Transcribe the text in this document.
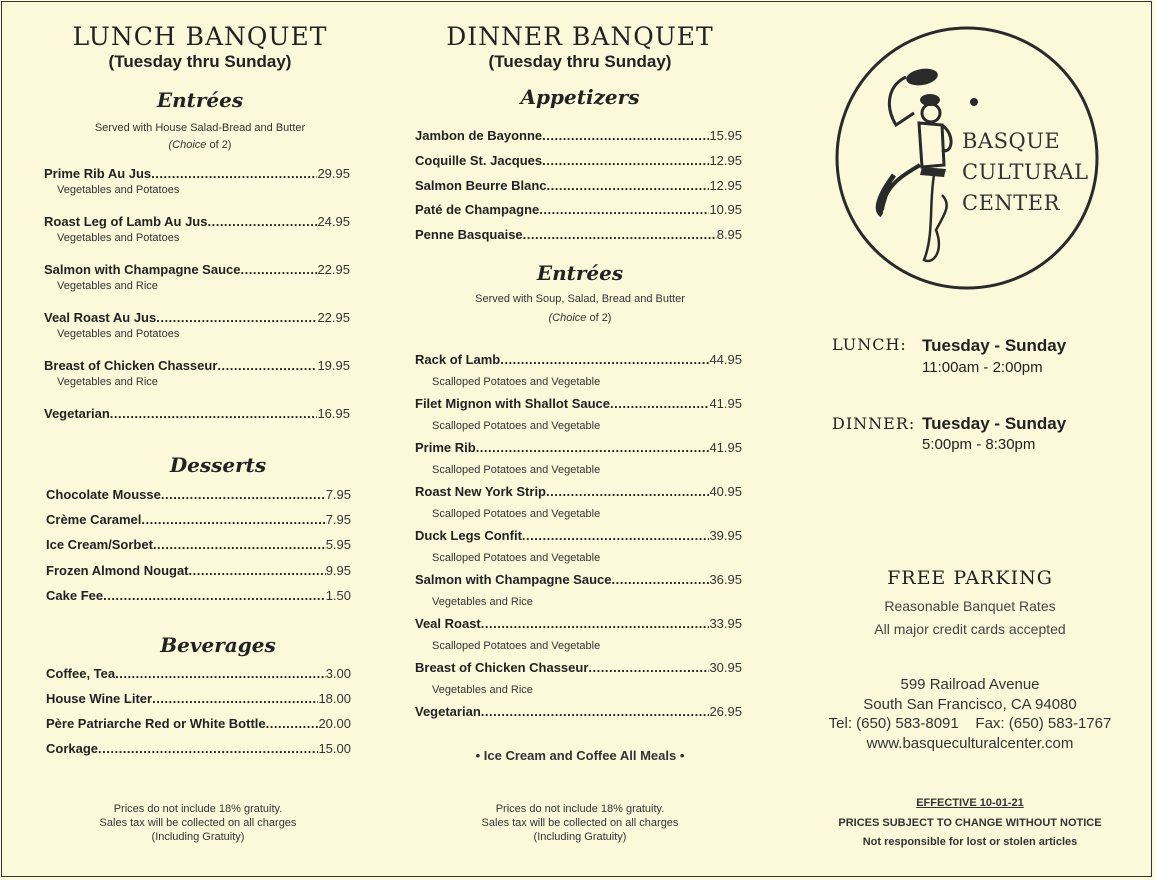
LUNCH BANQUET
(Tuesday thru Sunday)
Entrées
Served with House Salad-Bread and Butter
(Choice of 2)
Prime Rib Au Jus .....	29.95
Vegetables and Potatoes
Roast Leg of Lamb Au Jus .....	24.95
Vegetables and Potatoes
Salmon with Champagne Sauce .....	22.95
Vegetables and Rice
Veal Roast Au Jus .....	22.95
Vegetables and Potatoes
Breast of Chicken Chasseur .....	19.95
Vegetables and Rice
Vegetarian .....	16.95
Desserts
Chocolate Mousse .....	7.95
Crème Caramel .....	7.95
Ice Cream/Sorbet .....	5.95
Frozen Almond Nougat .....	9.95
Cake Fee .....	1.50
Beverages
Coffee, Tea .....	3.00
House Wine Liter .....	18.00
Père Patriarche Red or White Bottle .....	20.00
Corkage .....	15.00
Prices do not include 18% gratuity.
Sales tax will be collected on all charges
(Including Gratuity)
DINNER BANQUET
(Tuesday thru Sunday)
Appetizers
Jambon de Bayonne .....	15.95
Coquille St. Jacques .....	12.95
Salmon Beurre Blanc .....	12.95
Paté de Champagne .....	10.95
Penne Basquaise .....	8.95
Entrées
Served with Soup, Salad, Bread and Butter
(Choice of 2)
Rack of Lamb .....	44.95
Scalloped Potatoes and Vegetable
Filet Mignon with Shallot Sauce .....	41.95
Scalloped Potatoes and Vegetable
Prime Rib .....	41.95
Scalloped Potatoes and Vegetable
Roast New York Strip .....	40.95
Scalloped Potatoes and Vegetable
Duck Legs Confit .....	39.95
Scalloped Potatoes and Vegetable
Salmon with Champagne Sauce .....	36.95
Vegetables and Rice
Veal Roast .....	33.95
Scalloped Potatoes and Vegetable
Breast of Chicken Chasseur .....	30.95
Vegetables and Rice
Vegetarian .....	26.95
• Ice Cream and Coffee All Meals •
Prices do not include 18% gratuity.
Sales tax will be collected on all charges
(Including Gratuity)
BASQUE
CULTURAL
CENTER
LUNCH: Tuesday - Sunday
11:00am - 2:00pm
DINNER: Tuesday - Sunday
5:00pm - 8:30pm
FREE PARKING
Reasonable Banquet Rates
All major credit cards accepted
599 Railroad Avenue
South San Francisco, CA 94080
Tel: (650) 583-8091    Fax: (650) 583-1767
www.basqueculturalcenter.com
EFFECTIVE 10-01-21
PRICES SUBJECT TO CHANGE WITHOUT NOTICE
Not responsible for lost or stolen articles
